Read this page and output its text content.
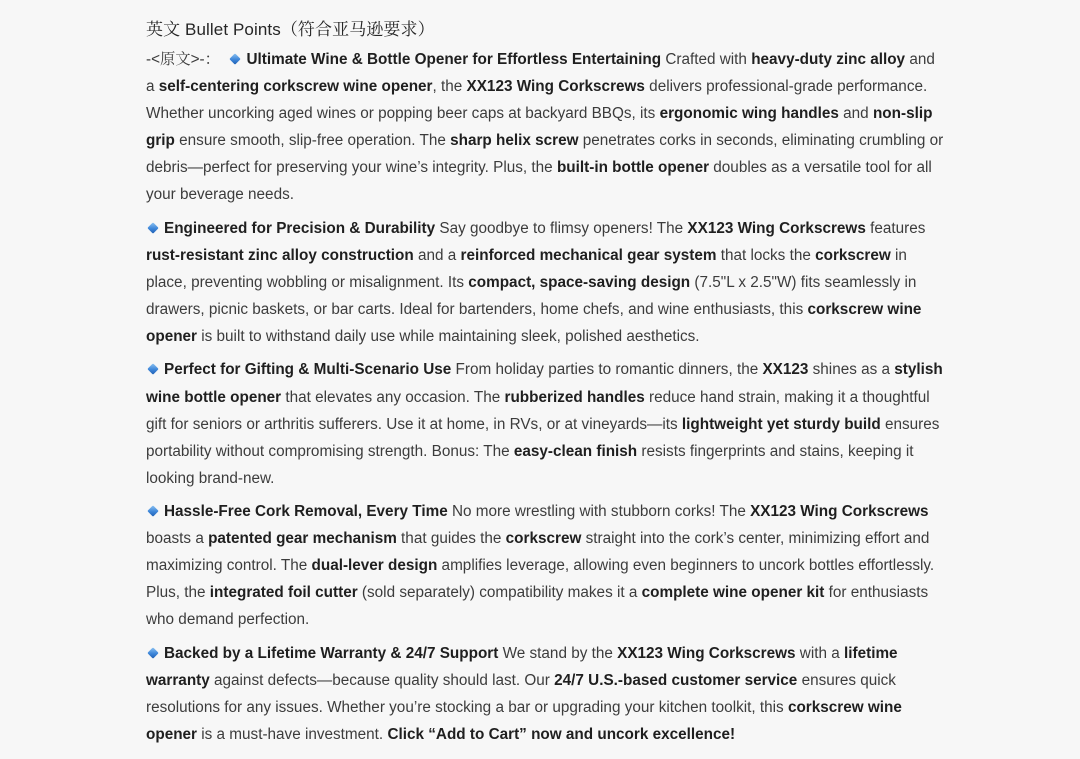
英文 Bullet Points（符合亚马逊要求）

-<原文>-： Ultimate Wine & Bottle Opener for Effortless Entertaining Crafted with heavy-duty zinc alloy and a self-centering corkscrew wine opener, the XX123 Wing Corkscrews delivers professional-grade performance. Whether uncorking aged wines or popping beer caps at backyard BBQs, its ergonomic wing handles and non-slip grip ensure smooth, slip-free operation. The sharp helix screw penetrates corks in seconds, eliminating crumbling or debris—perfect for preserving your wine’s integrity. Plus, the built-in bottle opener doubles as a versatile tool for all your beverage needs.

Engineered for Precision & Durability Say goodbye to flimsy openers! The XX123 Wing Corkscrews features rust-resistant zinc alloy construction and a reinforced mechanical gear system that locks the corkscrew in place, preventing wobbling or misalignment. Its compact, space-saving design (7.5"L x 2.5"W) fits seamlessly in drawers, picnic baskets, or bar carts. Ideal for bartenders, home chefs, and wine enthusiasts, this corkscrew wine opener is built to withstand daily use while maintaining sleek, polished aesthetics.

Perfect for Gifting & Multi-Scenario Use From holiday parties to romantic dinners, the XX123 shines as a stylish wine bottle opener that elevates any occasion. The rubberized handles reduce hand strain, making it a thoughtful gift for seniors or arthritis sufferers. Use it at home, in RVs, or at vineyards—its lightweight yet sturdy build ensures portability without compromising strength. Bonus: The easy-clean finish resists fingerprints and stains, keeping it looking brand-new.

Hassle-Free Cork Removal, Every Time No more wrestling with stubborn corks! The XX123 Wing Corkscrews boasts a patented gear mechanism that guides the corkscrew straight into the cork’s center, minimizing effort and maximizing control. The dual-lever design amplifies leverage, allowing even beginners to uncork bottles effortlessly. Plus, the integrated foil cutter (sold separately) compatibility makes it a complete wine opener kit for enthusiasts who demand perfection.

Backed by a Lifetime Warranty & 24/7 Support We stand by the XX123 Wing Corkscrews with a lifetime warranty against defects—because quality should last. Our 24/7 U.S.-based customer service ensures quick resolutions for any issues. Whether you’re stocking a bar or upgrading your kitchen toolkit, this corkscrew wine opener is a must-have investment. Click “Add to Cart” now and uncork excellence!
